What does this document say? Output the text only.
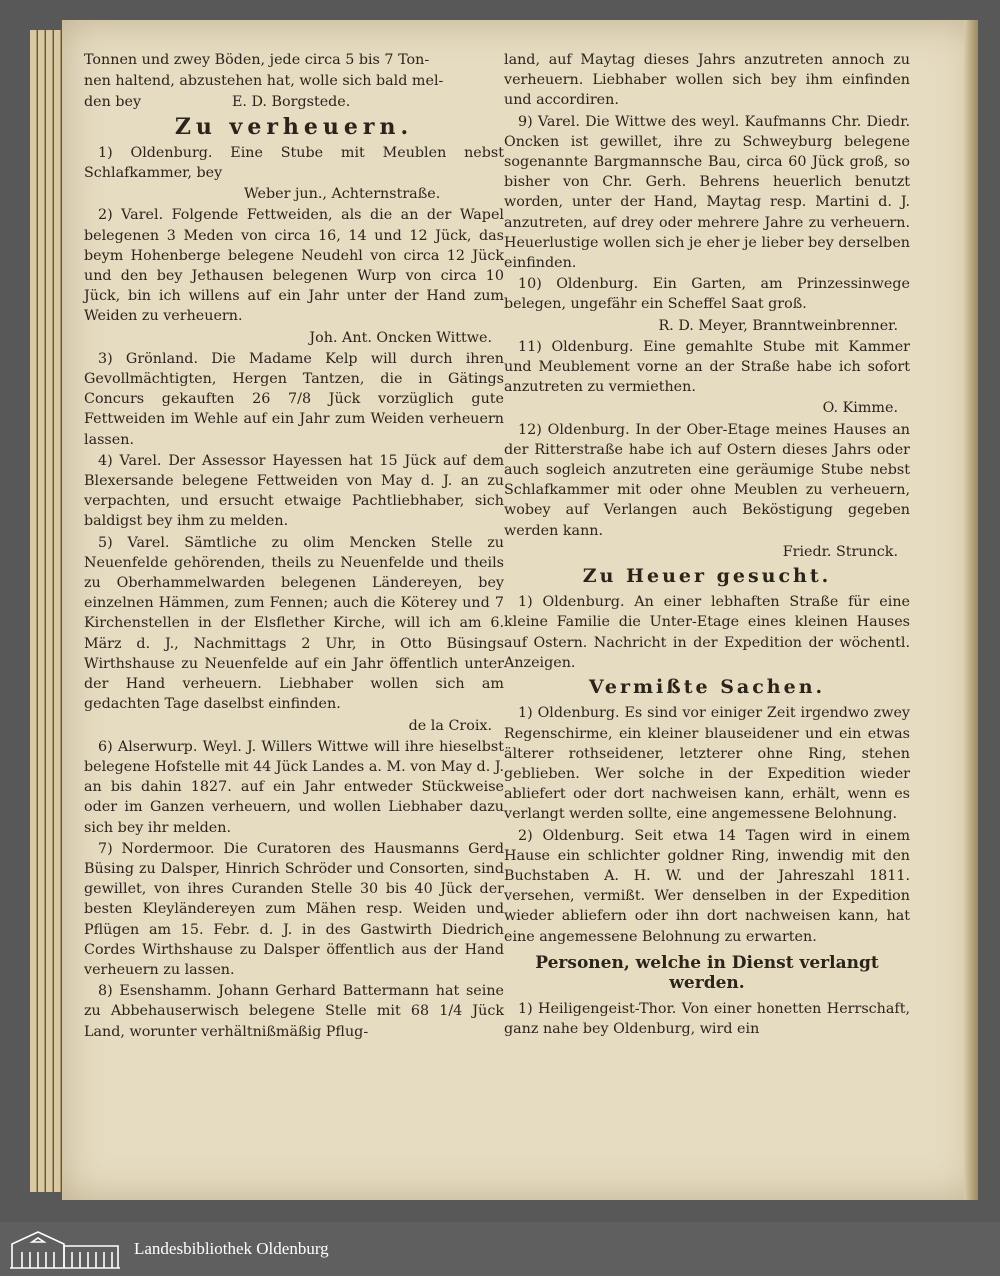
Tonnen und zwey Böden, jede circa 5 bis 7 Ton-

nen haltend, abzustehen hat, wolle sich bald mel-

den bey                    E. D. Borgstede.

Zu verheuern.

1) Oldenburg. Eine Stube mit Meublen nebst Schlafkammer, bey

Weber jun., Achternstraße.

2) Varel. Folgende Fettweiden, als die an der Wapel belegenen 3 Meden von circa 16, 14 und 12 Jück, das beym Hohenberge belegene Neudehl von circa 12 Jück und den bey Jethausen belegenen Wurp von circa 10 Jück, bin ich willens auf ein Jahr unter der Hand zum Weiden zu verheuern.

Joh. Ant. Oncken Wittwe.

3) Grönland. Die Madame Kelp will durch ihren Gevollmächtigten, Hergen Tantzen, die in Gätings Concurs gekauften 26 7/8 Jück vorzüglich gute Fettweiden im Wehle auf ein Jahr zum Weiden verheuern lassen.

4) Varel. Der Assessor Hayessen hat 15 Jück auf dem Blexersande belegene Fettweiden von May d. J. an zu verpachten, und ersucht etwaige Pachtliebhaber, sich baldigst bey ihm zu melden.

5) Varel. Sämtliche zu olim Mencken Stelle zu Neuenfelde gehörenden, theils zu Neuenfelde und theils zu Oberhammelwarden belegenen Ländereyen, bey einzelnen Hämmen, zum Fennen; auch die Köterey und 7 Kirchenstellen in der Elsflether Kirche, will ich am 6. März d. J., Nachmittags 2 Uhr, in Otto Büsings Wirthshause zu Neuenfelde auf ein Jahr öffentlich unter der Hand verheuern. Liebhaber wollen sich am gedachten Tage daselbst einfinden.

de la Croix.

6) Alserwurp. Weyl. J. Willers Wittwe will ihre hieselbst belegene Hofstelle mit 44 Jück Landes a. M. von May d. J. an bis dahin 1827. auf ein Jahr entweder Stückweise oder im Ganzen verheuern, und wollen Liebhaber dazu sich bey ihr melden.

7) Nordermoor. Die Curatoren des Hausmanns Gerd Büsing zu Dalsper, Hinrich Schröder und Consorten, sind gewillet, von ihres Curanden Stelle 30 bis 40 Jück der besten Kleyländereyen zum Mähen resp. Weiden und Pflügen am 15. Febr. d. J. in des Gastwirth Diedrich Cordes Wirthshause zu Dalsper öffentlich aus der Hand verheuern zu lassen.

8) Esenshamm. Johann Gerhard Battermann hat seine zu Abbehauserwisch belegene Stelle mit 68 1/4 Jück Land, worunter verhältnißmäßig Pflug-

land, auf Maytag dieses Jahrs anzutreten annoch zu verheuern. Liebhaber wollen sich bey ihm einfinden und accordiren.

9) Varel. Die Wittwe des weyl. Kaufmanns Chr. Diedr. Oncken ist gewillet, ihre zu Schweyburg belegene sogenannte Bargmannsche Bau, circa 60 Jück groß, so bisher von Chr. Gerh. Behrens heuerlich benutzt worden, unter der Hand, Maytag resp. Martini d. J. anzutreten, auf drey oder mehrere Jahre zu verheuern. Heuerlustige wollen sich je eher je lieber bey derselben einfinden.

10) Oldenburg. Ein Garten, am Prinzessinwege belegen, ungefähr ein Scheffel Saat groß.

R. D. Meyer, Branntweinbrenner.

11) Oldenburg. Eine gemahlte Stube mit Kammer und Meublement vorne an der Straße habe ich sofort anzutreten zu vermiethen.

O. Kimme.

12) Oldenburg. In der Ober-Etage meines Hauses an der Ritterstraße habe ich auf Ostern dieses Jahrs oder auch sogleich anzutreten eine geräumige Stube nebst Schlafkammer mit oder ohne Meublen zu verheuern, wobey auf Verlangen auch Beköstigung gegeben werden kann.

Friedr. Strunck.

Zu Heuer gesucht.

1) Oldenburg. An einer lebhaften Straße für eine kleine Familie die Unter-Etage eines kleinen Hauses auf Ostern. Nachricht in der Expedition der wöchentl. Anzeigen.

Vermißte Sachen.

1) Oldenburg. Es sind vor einiger Zeit irgendwo zwey Regenschirme, ein kleiner blauseidener und ein etwas älterer rothseidener, letzterer ohne Ring, stehen geblieben. Wer solche in der Expedition wieder abliefert oder dort nachweisen kann, erhält, wenn es verlangt werden sollte, eine angemessene Belohnung.

2) Oldenburg. Seit etwa 14 Tagen wird in einem Hause ein schlichter goldner Ring, inwendig mit den Buchstaben A. H. W. und der Jahreszahl 1811. versehen, vermißt. Wer denselben in der Expedition wieder abliefern oder ihn dort nachweisen kann, hat eine angemessene Belohnung zu erwarten.

Personen, welche in Dienst verlangt werden.

1) Heiligengeist-Thor. Von einer honetten Herrschaft, ganz nahe bey Oldenburg, wird ein

Landesbibliothek Oldenburg
